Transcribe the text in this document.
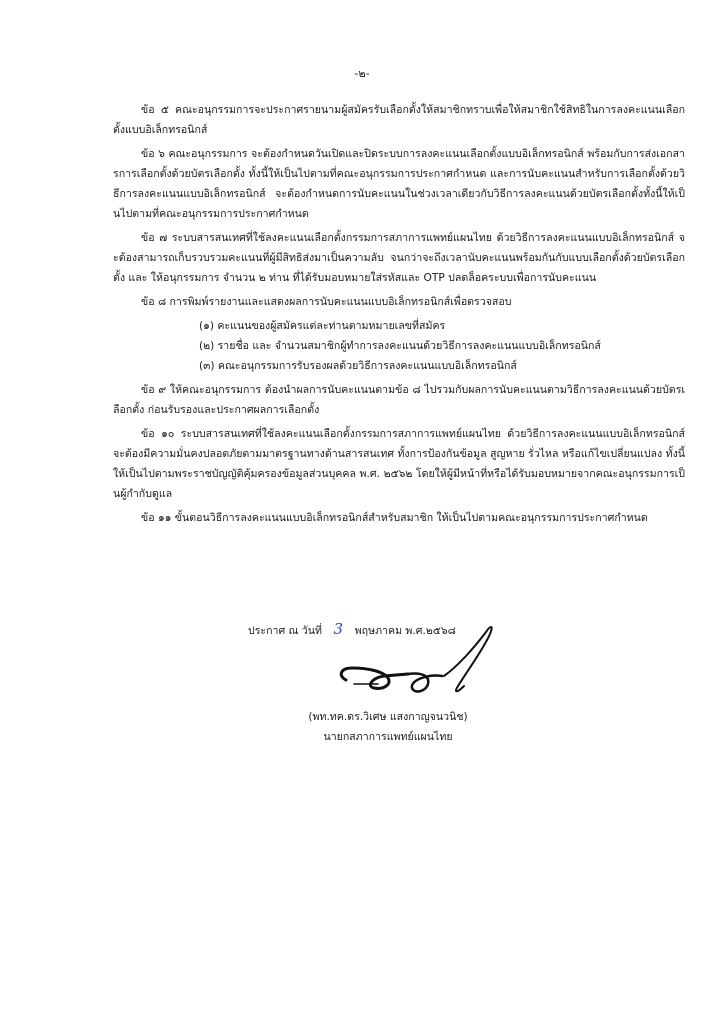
-๒-

ข้อ ๕ คณะอนุกรรมการจะประกาศรายนามผู้สมัครรับเลือกตั้งให้สมาชิกทราบเพื่อให้สมาชิกใช้สิทธิในการลงคะแนนเลือกตั้งแบบอิเล็กทรอนิกส์

ข้อ ๖ คณะอนุกรรมการ จะต้องกำหนดวันเปิดและปิดระบบการลงคะแนนเลือกตั้งแบบอิเล็กทรอนิกส์ พร้อมกับการส่งเอกสารการเลือกตั้งด้วยบัตรเลือกตั้ง ทั้งนี้ให้เป็นไปตามที่คณะอนุกรรมการประกาศกำหนด และการนับคะแนนสำหรับการเลือกตั้งด้วยวิธีการลงคะแนนแบบอิเล็กทรอนิกส์ จะต้องกำหนดการนับคะแนนในช่วงเวลาเดียวกับวิธีการลงคะแนนด้วยบัตรเลือกตั้งทั้งนี้ให้เป็นไปตามที่คณะอนุกรรมการประกาศกำหนด

ข้อ ๗ ระบบสารสนเทศที่ใช้ลงคะแนนเลือกตั้งกรรมการสภาการแพทย์แผนไทย ด้วยวิธีการลงคะแนนแบบอิเล็กทรอนิกส์ จะต้องสามารถเก็บรวบรวมคะแนนที่ผู้มีสิทธิส่งมาเป็นความลับ จนกว่าจะถึงเวลานับคะแนนพร้อมกันกับแบบเลือกตั้งด้วยบัตรเลือกตั้ง และ ให้อนุกรรมการ จำนวน ๒ ท่าน ที่ได้รับมอบหมายใส่รหัสและ OTP ปลดล็อคระบบเพื่อการนับคะแนน

ข้อ ๘ การพิมพ์รายงานและแสดงผลการนับคะแนนแบบอิเล็กทรอนิกส์เพื่อตรวจสอบ

(๑) คะแนนของผู้สมัครแต่ละท่านตามหมายเลขที่สมัคร
(๒) รายชื่อ และ จำนวนสมาชิกผู้ทำการลงคะแนนด้วยวิธีการลงคะแนนแบบอิเล็กทรอนิกส์
(๓) คณะอนุกรรมการรับรองผลด้วยวิธีการลงคะแนนแบบอิเล็กทรอนิกส์

ข้อ ๙ ให้คณะอนุกรรมการ ต้องนำผลการนับคะแนนตามข้อ ๘ ไปรวมกับผลการนับคะแนนตามวิธีการลงคะแนนด้วยบัตรเลือกตั้ง ก่อนรับรองและประกาศผลการเลือกตั้ง

ข้อ ๑๐ ระบบสารสนเทศที่ใช้ลงคะแนนเลือกตั้งกรรมการสภาการแพทย์แผนไทย ด้วยวิธีการลงคะแนนแบบอิเล็กทรอนิกส์ จะต้องมีความมั่นคงปลอดภัยตามมาตรฐานทางด้านสารสนเทศ ทั้งการป้องกันข้อมูล สูญหาย รั่วไหล หรือแก้ไขเปลี่ยนแปลง ทั้งนี้ให้เป็นไปตามพระราชบัญญัติคุ้มครองข้อมูลส่วนบุคคล พ.ศ. ๒๕๖๒ โดยให้ผู้มีหน้าที่หรือได้รับมอบหมายจากคณะอนุกรรมการเป็นผู้กำกับดูแล

ข้อ ๑๑ ขั้นตอนวิธีการลงคะแนนแบบอิเล็กทรอนิกส์สำหรับสมาชิก ให้เป็นไปตามคณะอนุกรรมการประกาศกำหนด

ประกาศ ณ วันที่ 3 พฤษภาคม พ.ศ.๒๕๖๘
(พท.ทค.ดร.วิเศษ แสงกาญจนวนิช)
นายกสภาการแพทย์แผนไทย
